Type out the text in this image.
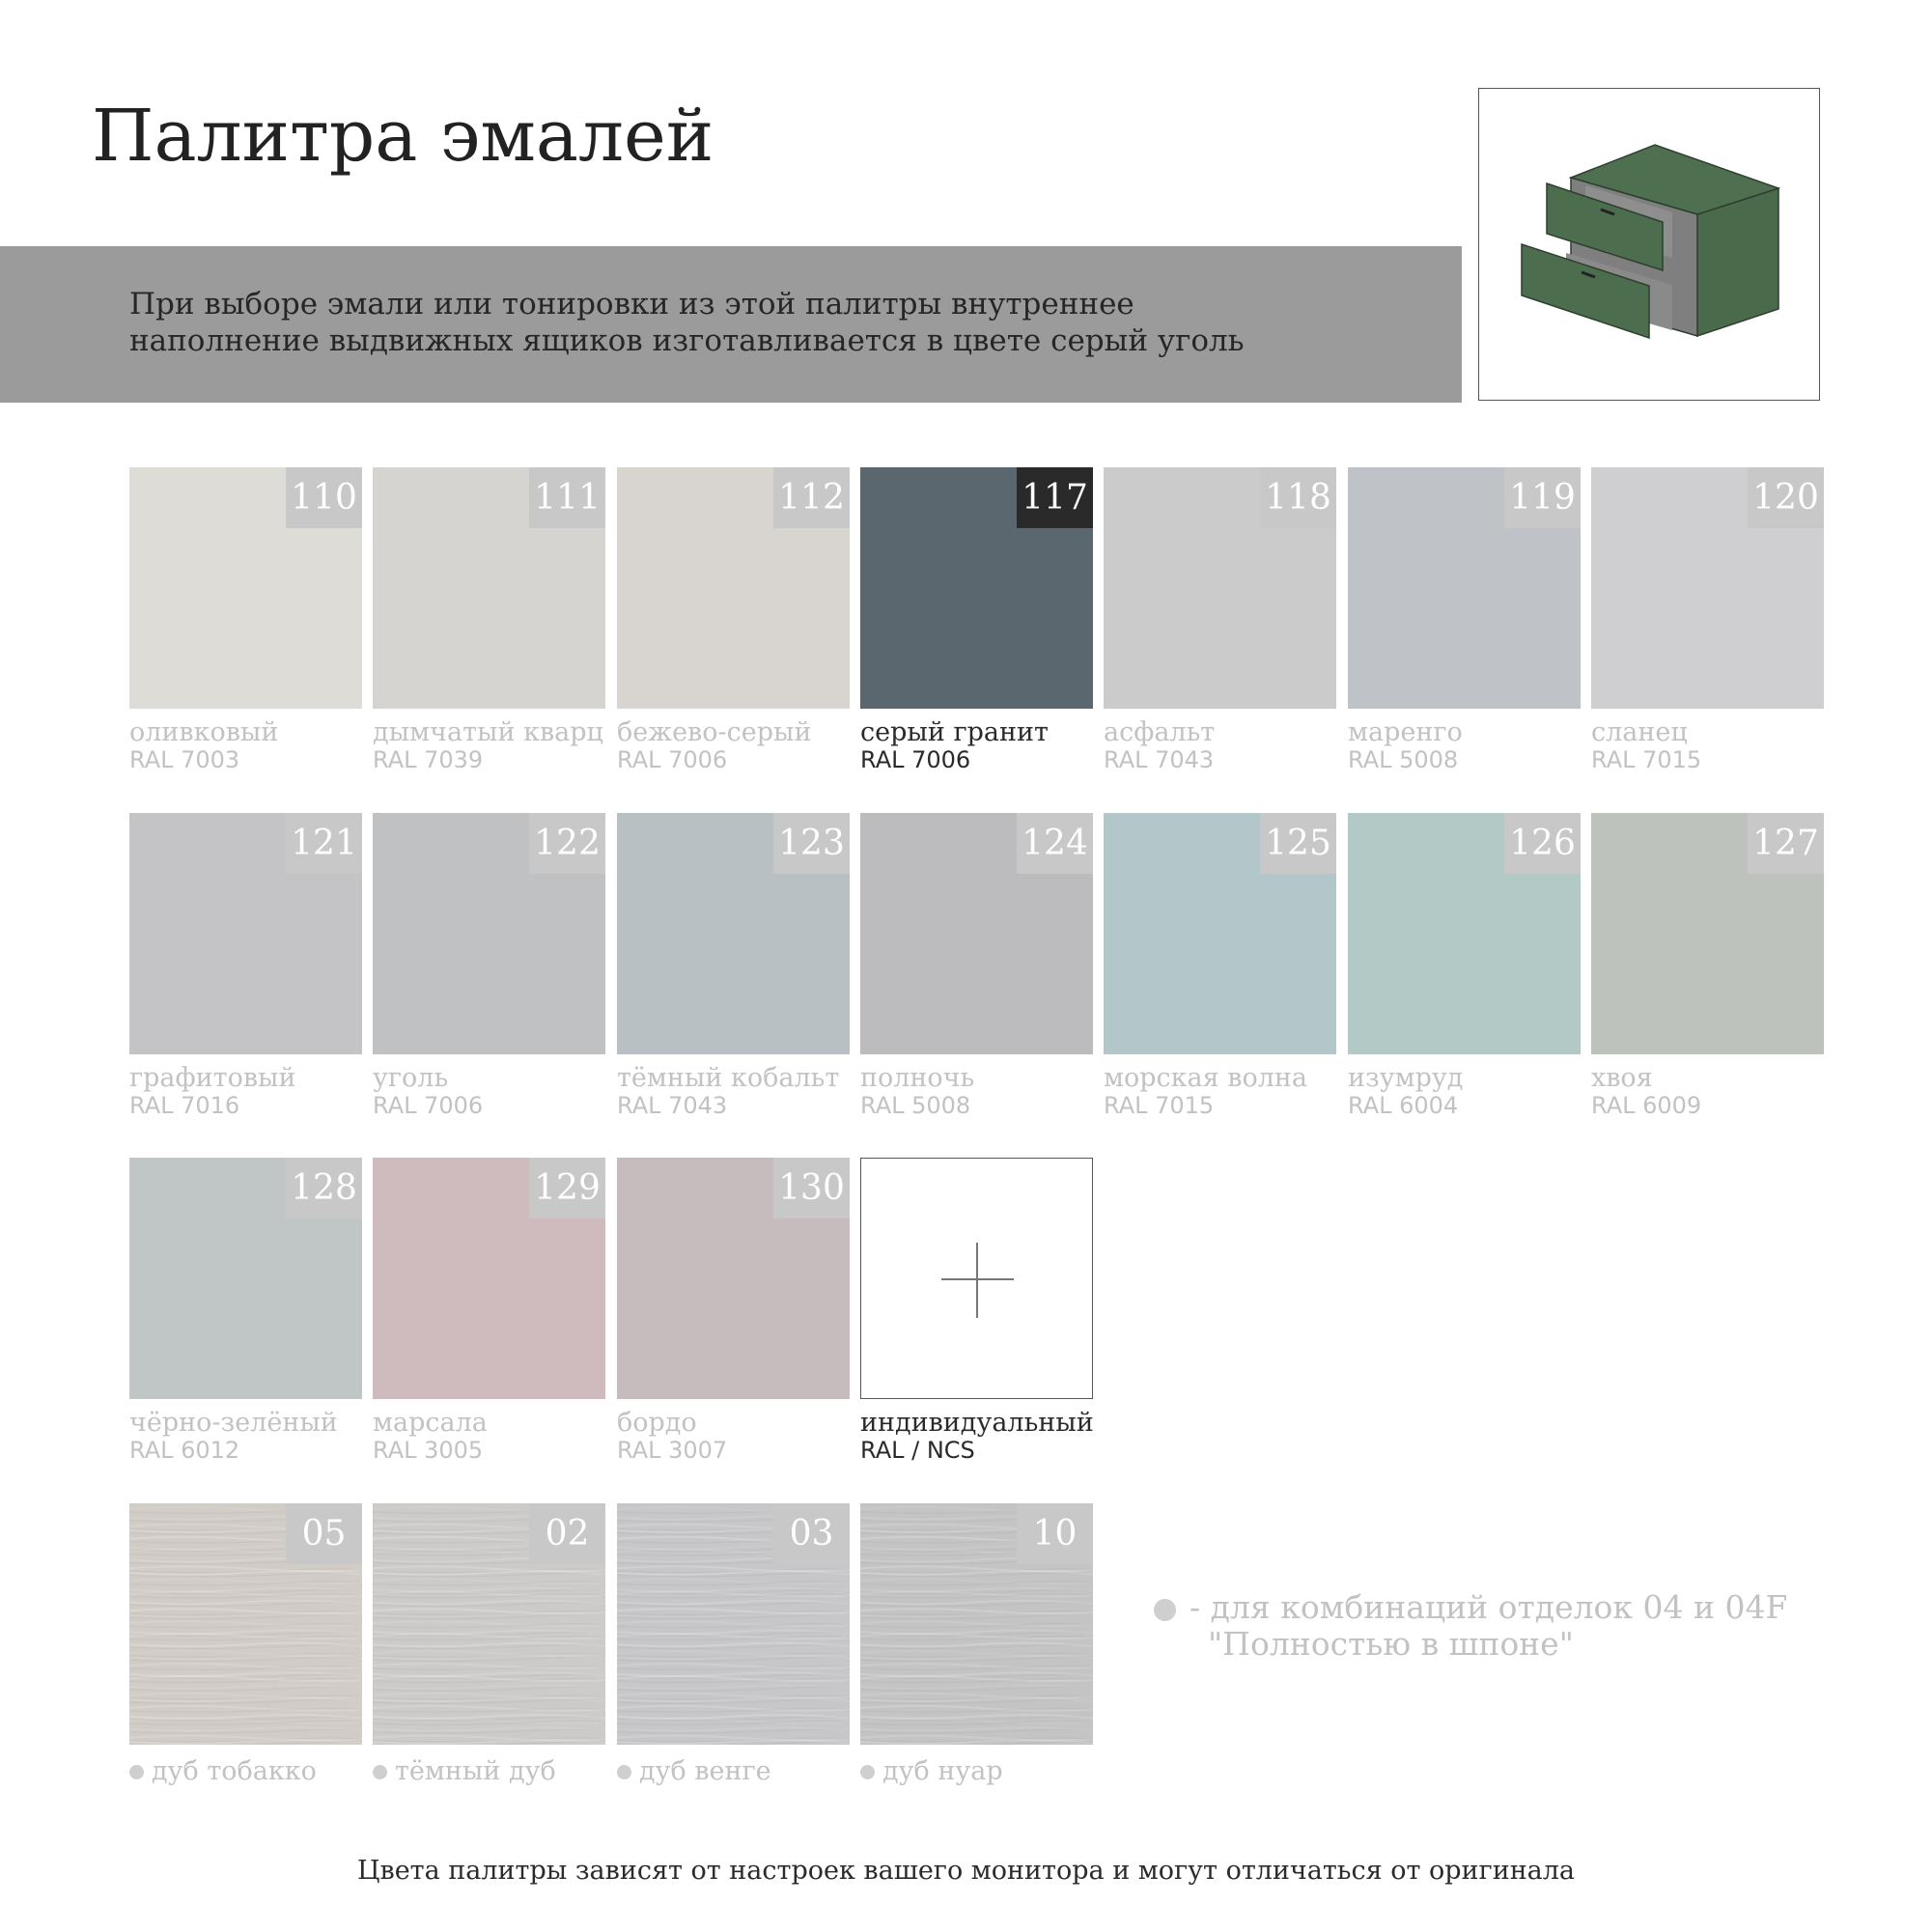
Палитра эмалей
При выборе эмали или тонировки из этой палитры внутреннее
наполнение выдвижных ящиков изготавливается в цвете серый уголь
110
оливковый
RAL 7003
111
дымчатый кварц
RAL 7039
112
бежево-серый
RAL 7006
117
серый гранит
RAL 7006
118
асфальт
RAL 7043
119
маренго
RAL 5008
120
сланец
RAL 7015
121
графитовый
RAL 7016
122
уголь
RAL 7006
123
тёмный кобальт
RAL 7043
124
полночь
RAL 5008
125
морская волна
RAL 7015
126
изумруд
RAL 6004
127
хвоя
RAL 6009
128
чёрно-зелёный
RAL 6012
129
марсала
RAL 3005
130
бордо
RAL 3007
индивидуальный
RAL / NCS
05
дуб тобакко
02
тёмный дуб
03
дуб венге
10
дуб нуар
- для комбинаций отделок 04 и 04F
"Полностью в шпоне"
Цвета палитры зависят от настроек вашего монитора и могут отличаться от оригинала
